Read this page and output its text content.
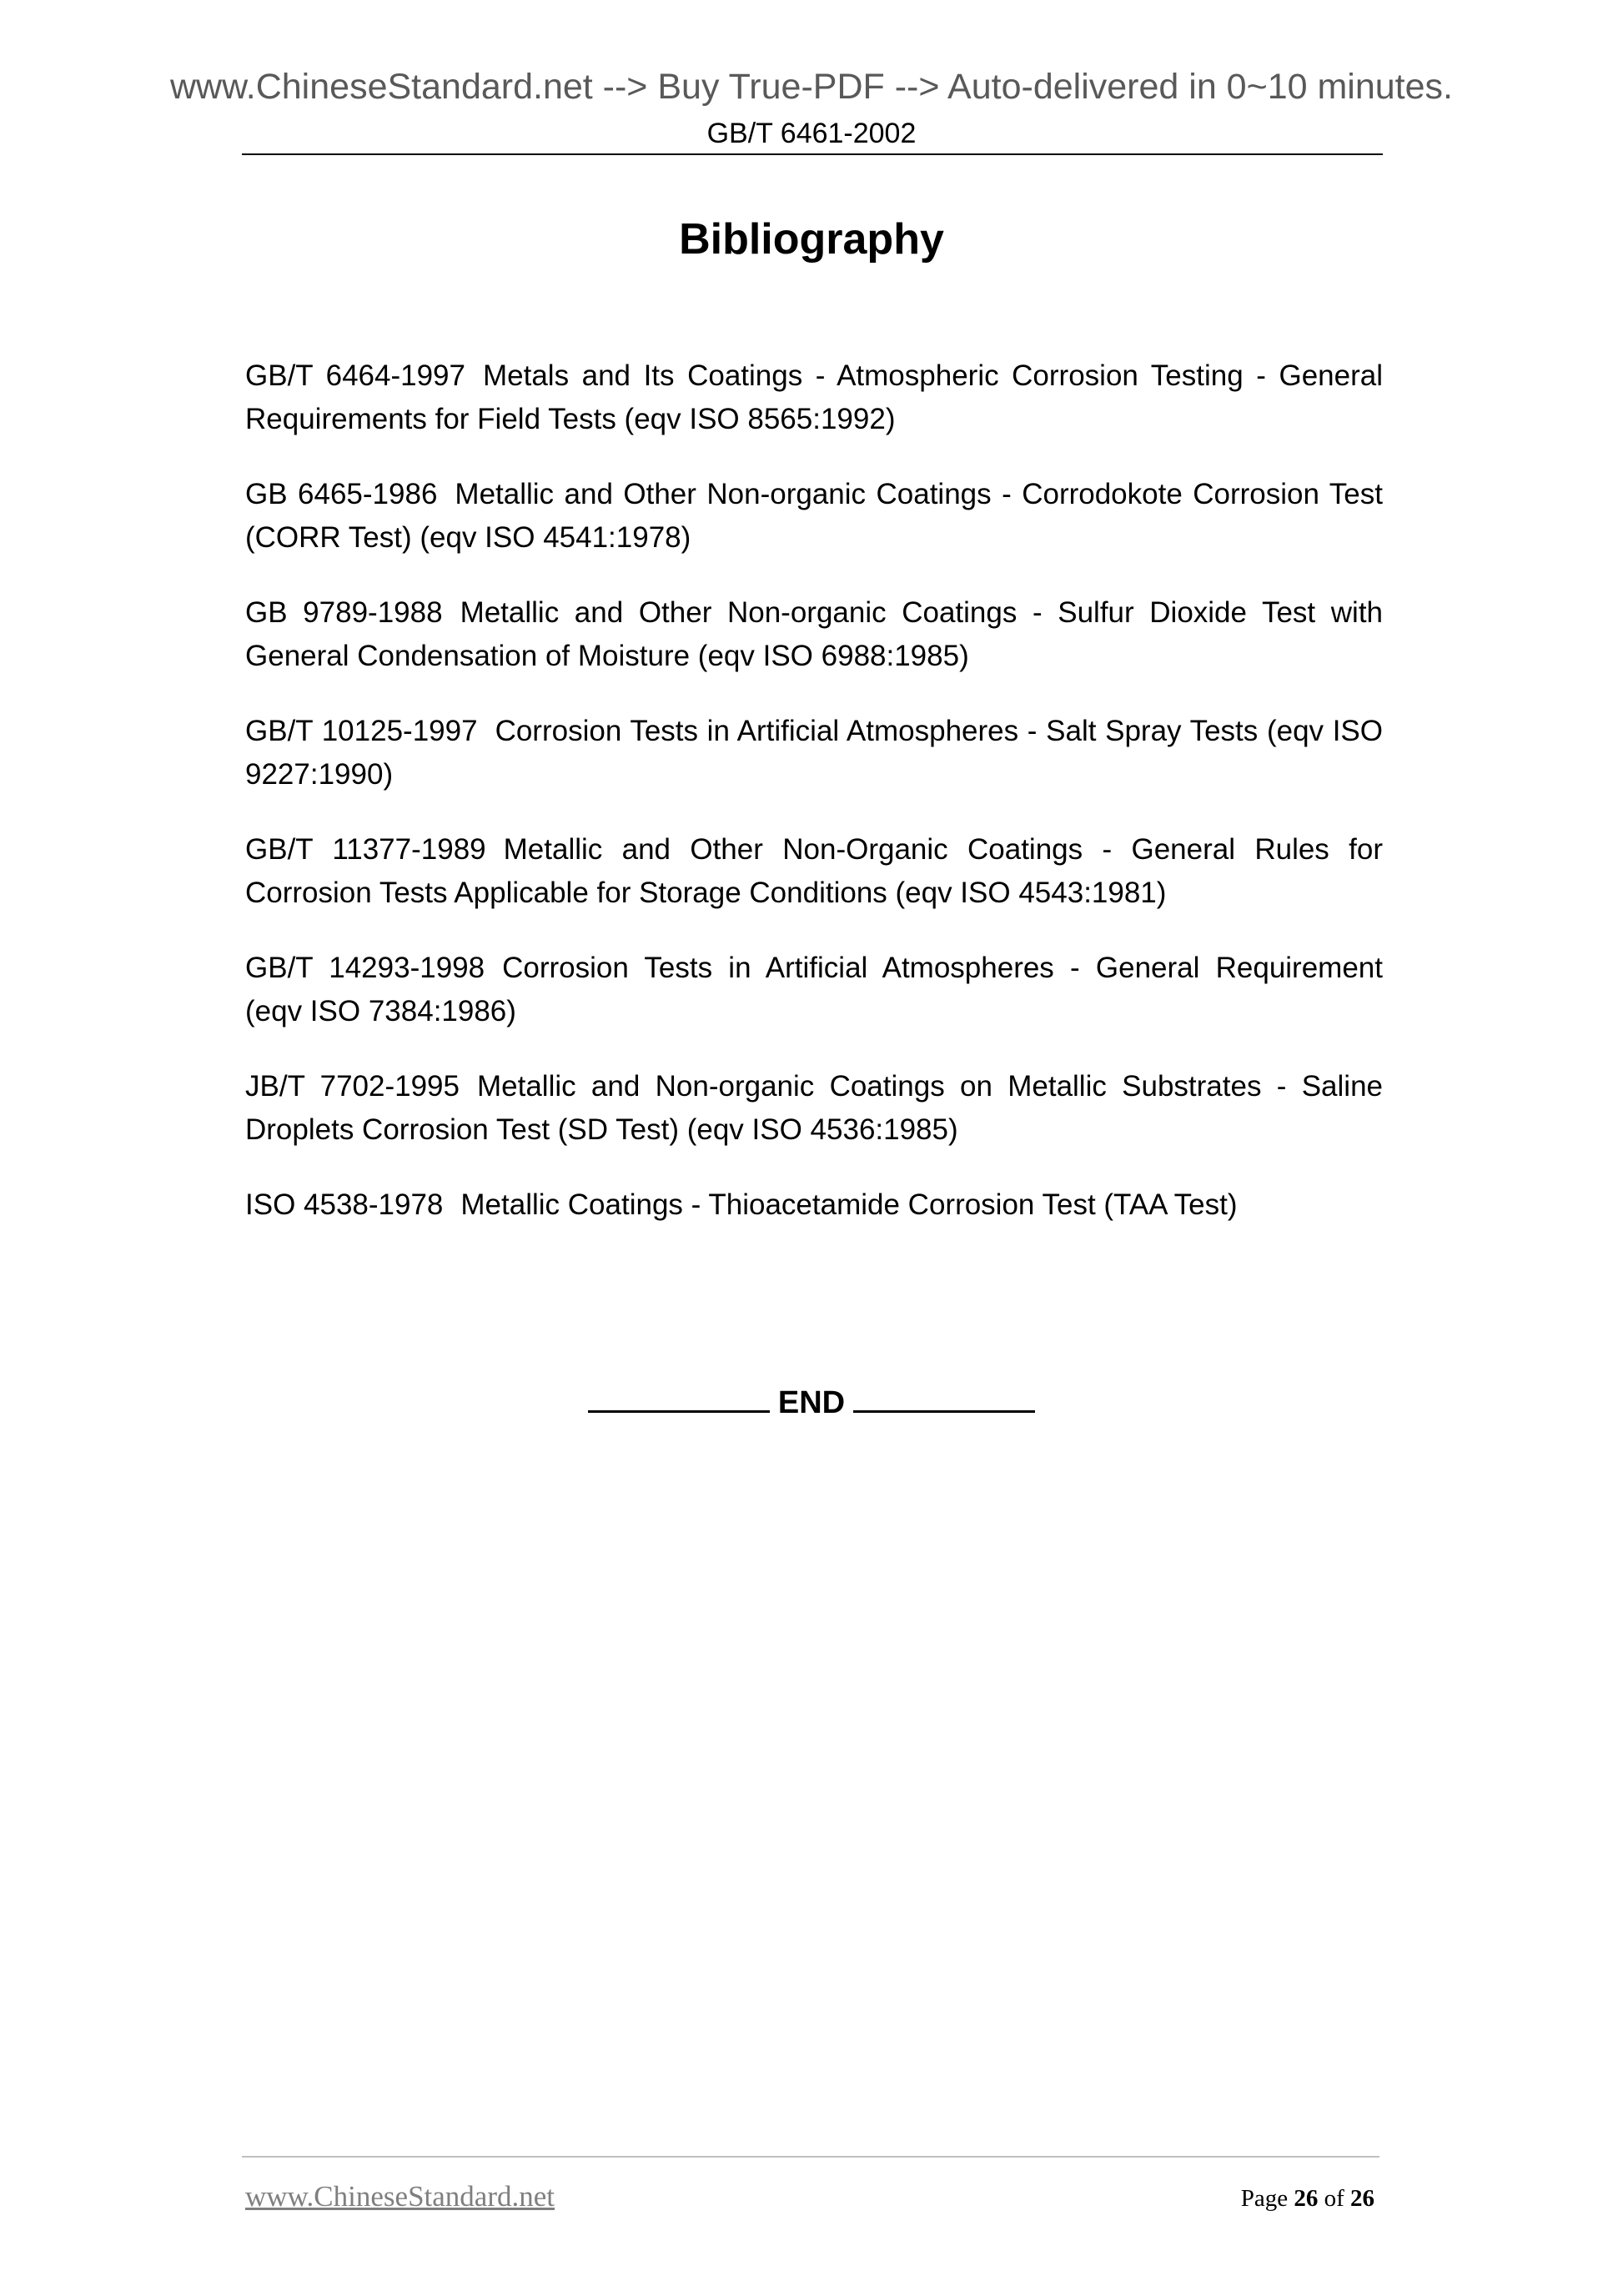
www.ChineseStandard.net --> Buy True-PDF --> Auto-delivered in 0~10 minutes.
GB/T 6461-2002
Bibliography

GB/T 6464-1997 Metals and Its Coatings - Atmospheric Corrosion Testing - General Requirements for Field Tests (eqv ISO 8565:1992)

GB 6465-1986 Metallic and Other Non-organic Coatings - Corrodokote Corrosion Test (CORR Test) (eqv ISO 4541:1978)

GB 9789-1988 Metallic and Other Non-organic Coatings - Sulfur Dioxide Test with General Condensation of Moisture (eqv ISO 6988:1985)

GB/T 10125-1997 Corrosion Tests in Artificial Atmospheres - Salt Spray Tests (eqv ISO 9227:1990)

GB/T 11377-1989 Metallic and Other Non-Organic Coatings - General Rules for Corrosion Tests Applicable for Storage Conditions (eqv ISO 4543:1981)

GB/T 14293-1998 Corrosion Tests in Artificial Atmospheres - General Requirement (eqv ISO 7384:1986)

JB/T 7702-1995 Metallic and Non-organic Coatings on Metallic Substrates - Saline Droplets Corrosion Test (SD Test) (eqv ISO 4536:1985)

ISO 4538-1978 Metallic Coatings - Thioacetamide Corrosion Test (TAA Test)

END
www.ChineseStandard.net	Page 26 of 26
